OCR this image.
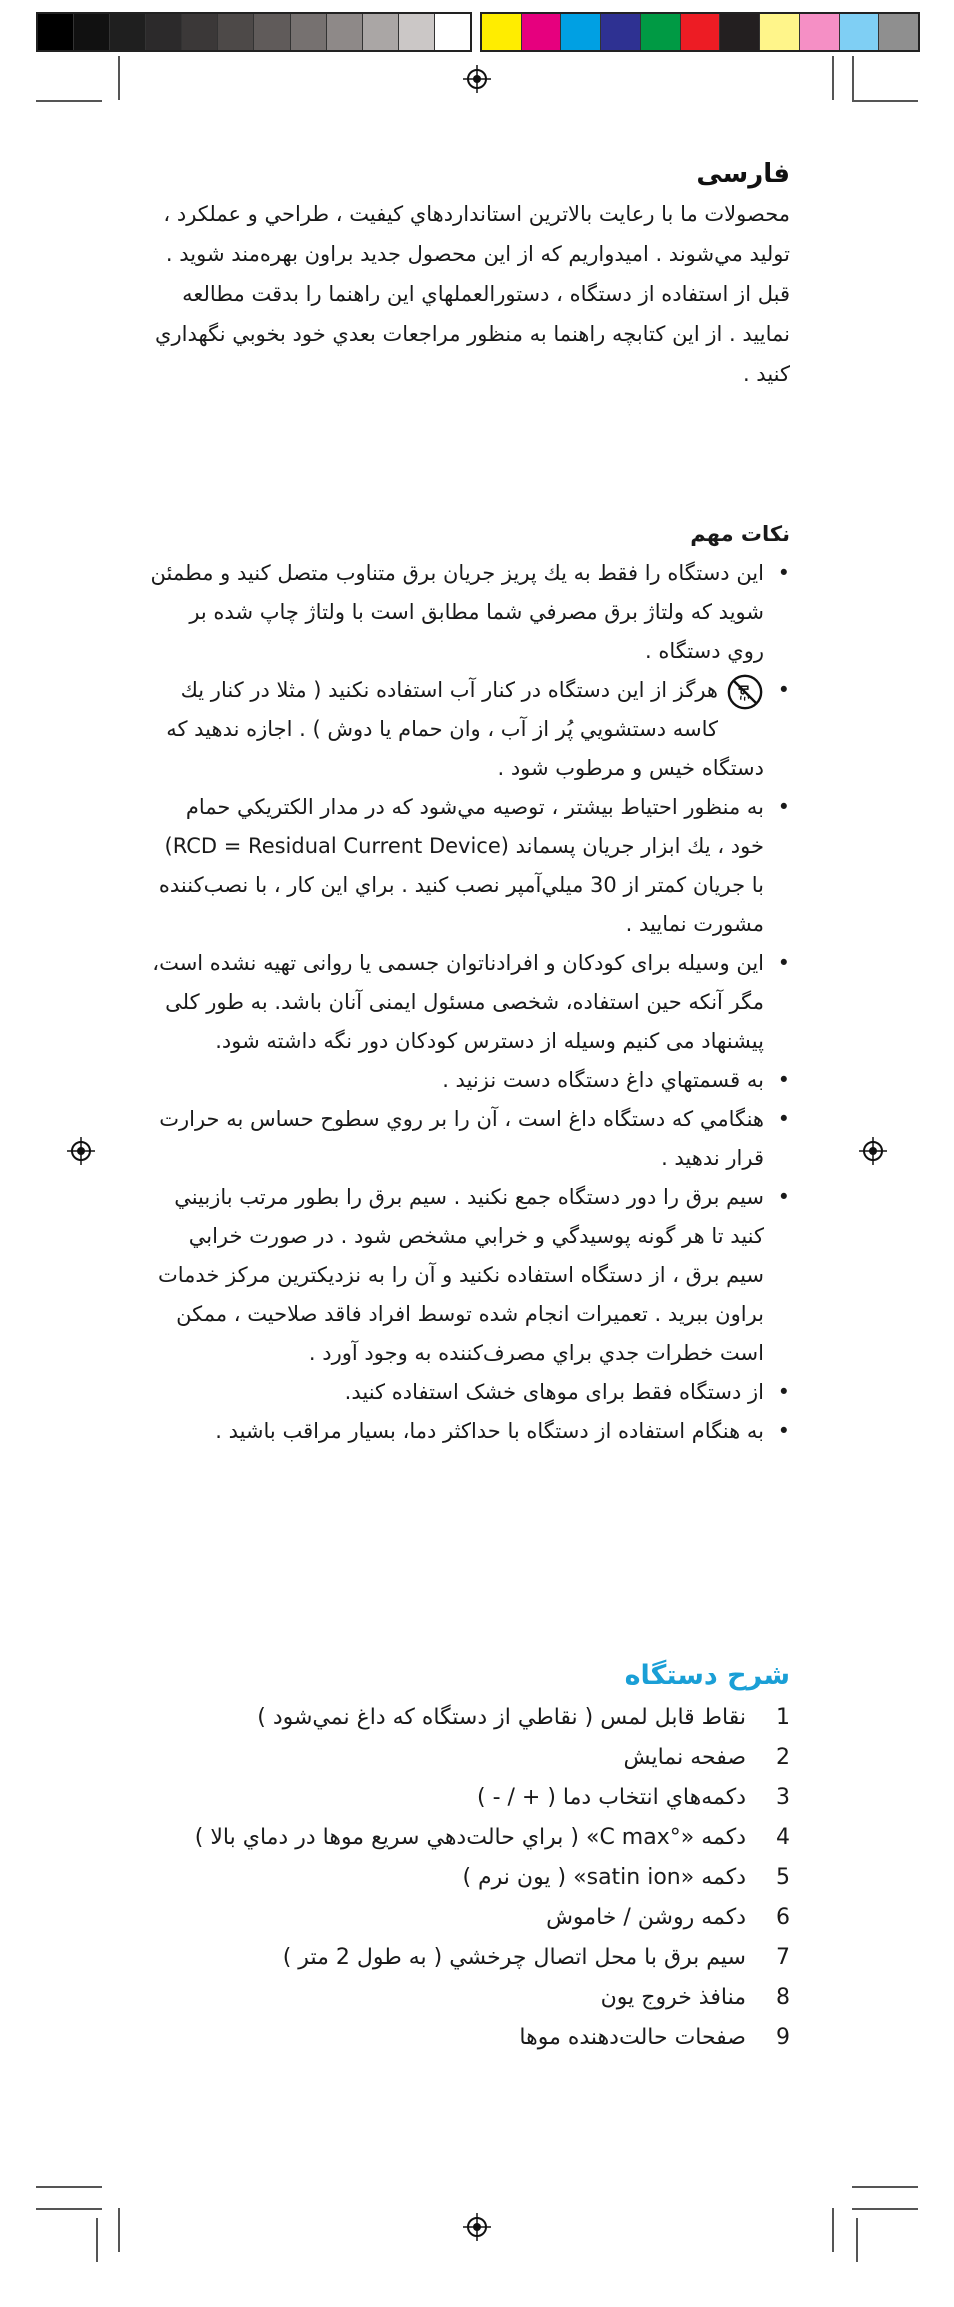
فارسی

محصولات ما با رعايت بالاترين استانداردهاي كيفيت ، طراحي و عملكرد ، توليد مي‌شوند . اميدواريم كه از اين محصول جديد براون بهره‌مند شويد .

قبل از استفاده از دستگاه ، دستورالعملهاي اين راهنما را بدقت مطالعه نماييد . از اين كتابچه راهنما به منظور مراجعات بعدي خود بخوبي نگهداري كنيد .

نكات مهم
•
اين دستگاه را فقط به يك پريز جريان برق متناوب متصل كنيد و مطمئن شويد كه ولتاژ برق مصرفي شما مطابق است با ولتاژ چاپ شده بر روي دستگاه .
•
هرگز از اين دستگاه در كنار آب استفاده نكنيد ( مثلا در كنار يك كاسه دستشويي پُر از آب ، وان حمام يا دوش ) . اجازه ندهيد كه دستگاه خيس و مرطوب شود .
•
به منظور احتياط بيشتر ، توصيه مي‌شود كه در مدار الكتريكي حمام خود ، يك ابزار جريان پسماند (RCD = Residual Current Device) با جريان كمتر از 30 ميلي‌آمپر نصب كنيد . براي اين كار ، با نصب‌كننده مشورت نماييد .
•
اين وسيله برای کودکان و افرادناتوان جسمی يا روانی تهيه نشده است، مگر آنکه حين استفاده، شخصی مسئول ايمنی آنان باشد. به طور کلی پيشنهاد می کنيم وسيله از دسترس کودکان دور نگه داشته شود.
•
به قسمتهاي داغ دستگاه دست نزنيد .
•
هنگامي كه دستگاه داغ است ، آن را بر روي سطوح حساس به حرارت قرار ندهيد .
•
سيم برق را دور دستگاه جمع نكنيد . سيم برق را بطور مرتب بازبيني كنيد تا هر گونه پوسيدگي و خرابي مشخص شود . در صورت خرابي سيم برق ، از دستگاه استفاده نكنيد و آن را به نزديكترين مركز خدمات براون ببريد . تعميرات انجام شده توسط افراد فاقد صلاحيت ، ممكن است خطرات جدي براي مصرف‌كننده به وجود آورد .
•
از دستگاه فقط برای موهای خشک استفاده کنيد.
•
به هنگام استفاده از دستگاه با حداكثر دما، بسيار مراقب باشيد .
شرح دستگاه
1
نقاط قابل لمس ( نقاطي از دستگاه كه داغ نمي‌شود )
2
صفحه نمايش
3
دكمه‌هاي انتخاب دما ( + / - )
4
دكمه «°C max» ( براي حالت‌دهي سريع موها در دماي بالا )
5
دكمه «satin ion» ( يون نرم )
6
دكمه روشن / خاموش
7
سيم برق با محل اتصال چرخشي ( به طول 2 متر )
8
منافذ خروج يون
9
صفحات حالت‌دهنده موها
